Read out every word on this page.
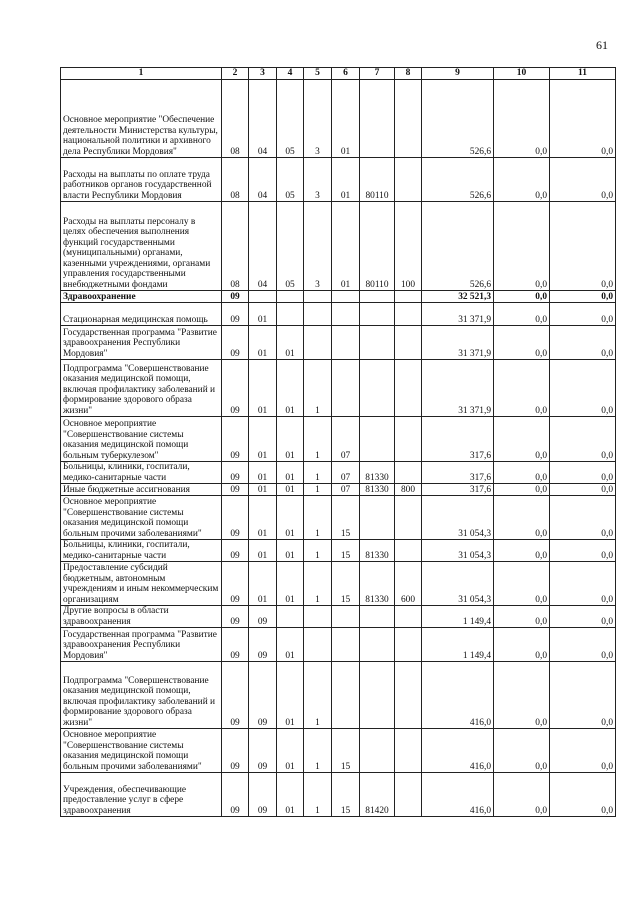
61
1	2	3	4	5	6	7	8	9	10	11
Основное мероприятие "Обеспечение деятельности Министерства культуры, национальной политики и архивного дела Республики Мордовия"	08	04	05	3	01			526,6	0,0	0,0
Расходы на выплаты по оплате труда работников органов государственной власти Республики Мордовия	08	04	05	3	01	80110		526,6	0,0	0,0
Расходы на выплаты персоналу в целях обеспечения выполнения функций государственными (муниципальными) органами, казенными учреждениями, органами управления государственными внебюджетными фондами	08	04	05	3	01	80110	100	526,6	0,0	0,0
Здравоохранение	09							32 521,3	0,0	0,0
Стационарная медицинская помощь	09	01						31 371,9	0,0	0,0
Государственная программа "Развитие здравоохранения Республики Мордовия"	09	01	01					31 371,9	0,0	0,0
Подпрограмма "Совершенствование оказания медицинской помощи, включая профилактику заболеваний и формирование здорового образа жизни"	09	01	01	1				31 371,9	0,0	0,0
Основное мероприятие "Совершенствование системы оказания медицинской помощи больным туберкулезом"	09	01	01	1	07			317,6	0,0	0,0
Больницы, клиники, госпитали, медико-санитарные части	09	01	01	1	07	81330		317,6	0,0	0,0
Иные бюджетные ассигнования	09	01	01	1	07	81330	800	317,6	0,0	0,0
Основное мероприятие "Совершенствование системы оказания медицинской помощи больным прочими заболеваниями"	09	01	01	1	15			31 054,3	0,0	0,0
Больницы, клиники, госпитали, медико-санитарные части	09	01	01	1	15	81330		31 054,3	0,0	0,0
Предоставление субсидий бюджетным, автономным учреждениям и иным некоммерческим организациям	09	01	01	1	15	81330	600	31 054,3	0,0	0,0
Другие вопросы в области здравоохранения	09	09						1 149,4	0,0	0,0
Государственная программа "Развитие здравоохранения Республики Мордовия"	09	09	01					1 149,4	0,0	0,0
Подпрограмма "Совершенствование оказания медицинской помощи, включая профилактику заболеваний и формирование здорового образа жизни"	09	09	01	1				416,0	0,0	0,0
Основное мероприятие "Совершенствование системы оказания медицинской помощи больным прочими заболеваниями"	09	09	01	1	15			416,0	0,0	0,0
Учреждения, обеспечивающие предоставление услуг в сфере здравоохранения	09	09	01	1	15	81420		416,0	0,0	0,0
